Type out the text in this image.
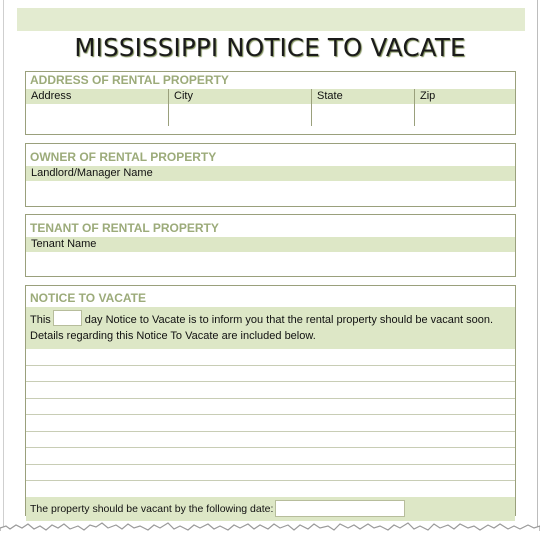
MISSISSIPPI NOTICE TO VACATE
ADDRESS OF RENTAL PROPERTY
Address	City	State	Zip
OWNER OF RENTAL PROPERTY
Landlord/Manager Name
TENANT OF RENTAL PROPERTY
Tenant Name
NOTICE TO VACATE
This	day Notice to Vacate is to inform you that the rental property should be vacant soon.
Details regarding this Notice To Vacate are included below.
The property should be vacant by the following date:
